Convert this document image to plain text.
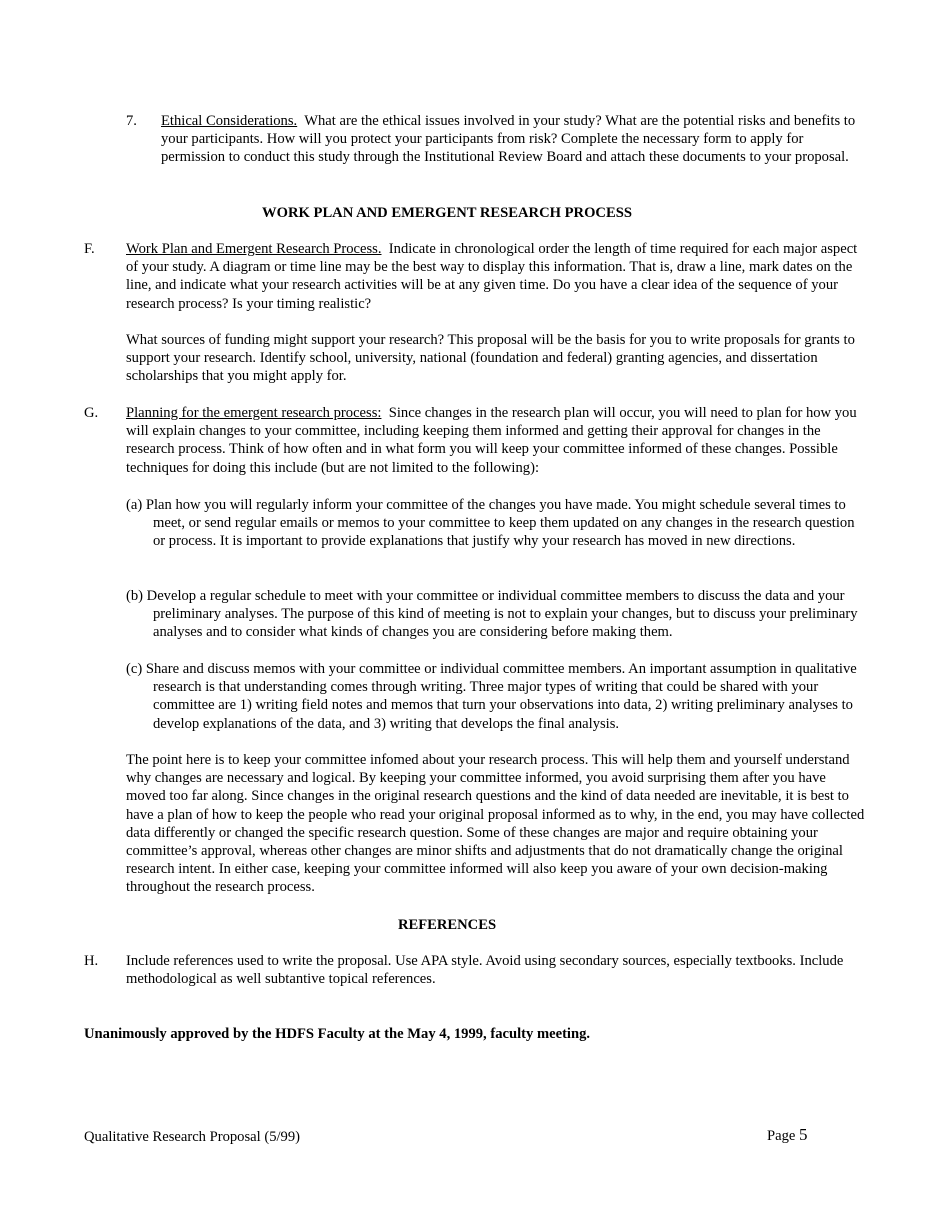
7. Ethical Considerations. What are the ethical issues involved in your study? What are the potential risks and benefits to your participants. How will you protect your participants from risk? Complete the necessary form to apply for permission to conduct this study through the Institutional Review Board and attach these documents to your proposal.
WORK PLAN AND EMERGENT RESEARCH PROCESS
F. Work Plan and Emergent Research Process. Indicate in chronological order the length of time required for each major aspect of your study. A diagram or time line may be the best way to display this information. That is, draw a line, mark dates on the line, and indicate what your research activities will be at any given time. Do you have a clear idea of the sequence of your research process? Is your timing realistic?
What sources of funding might support your research? This proposal will be the basis for you to write proposals for grants to support your research. Identify school, university, national (foundation and federal) granting agencies, and dissertation scholarships that you might apply for.
G. Planning for the emergent research process: Since changes in the research plan will occur, you will need to plan for how you will explain changes to your committee, including keeping them informed and getting their approval for changes in the research process. Think of how often and in what form you will keep your committee informed of these changes. Possible techniques for doing this include (but are not limited to the following):
(a) Plan how you will regularly inform your committee of the changes you have made. You might schedule several times to meet, or send regular emails or memos to your committee to keep them updated on any changes in the research question or process. It is important to provide explanations that justify why your research has moved in new directions.
(b) Develop a regular schedule to meet with your committee or individual committee members to discuss the data and your preliminary analyses. The purpose of this kind of meeting is not to explain your changes, but to discuss your preliminary analyses and to consider what kinds of changes you are considering before making them.
(c) Share and discuss memos with your committee or individual committee members. An important assumption in qualitative research is that understanding comes through writing. Three major types of writing that could be shared with your committee are 1) writing field notes and memos that turn your observations into data, 2) writing preliminary analyses to develop explanations of the data, and 3) writing that develops the final analysis.
The point here is to keep your committee infomed about your research process. This will help them and yourself understand why changes are necessary and logical. By keeping your committee informed, you avoid surprising them after you have moved too far along. Since changes in the original research questions and the kind of data needed are inevitable, it is best to have a plan of how to keep the people who read your original proposal informed as to why, in the end, you may have collected data differently or changed the specific research question. Some of these changes are major and require obtaining your committee’s approval, whereas other changes are minor shifts and adjustments that do not dramatically change the original research intent. In either case, keeping your committee informed will also keep you aware of your own decision-making throughout the research process.
REFERENCES
H. Include references used to write the proposal. Use APA style. Avoid using secondary sources, especially textbooks. Include methodological as well subtantive topical references.
Unanimously approved by the HDFS Faculty at the May 4, 1999, faculty meeting.
Qualitative Research Proposal (5/99)	Page 5
